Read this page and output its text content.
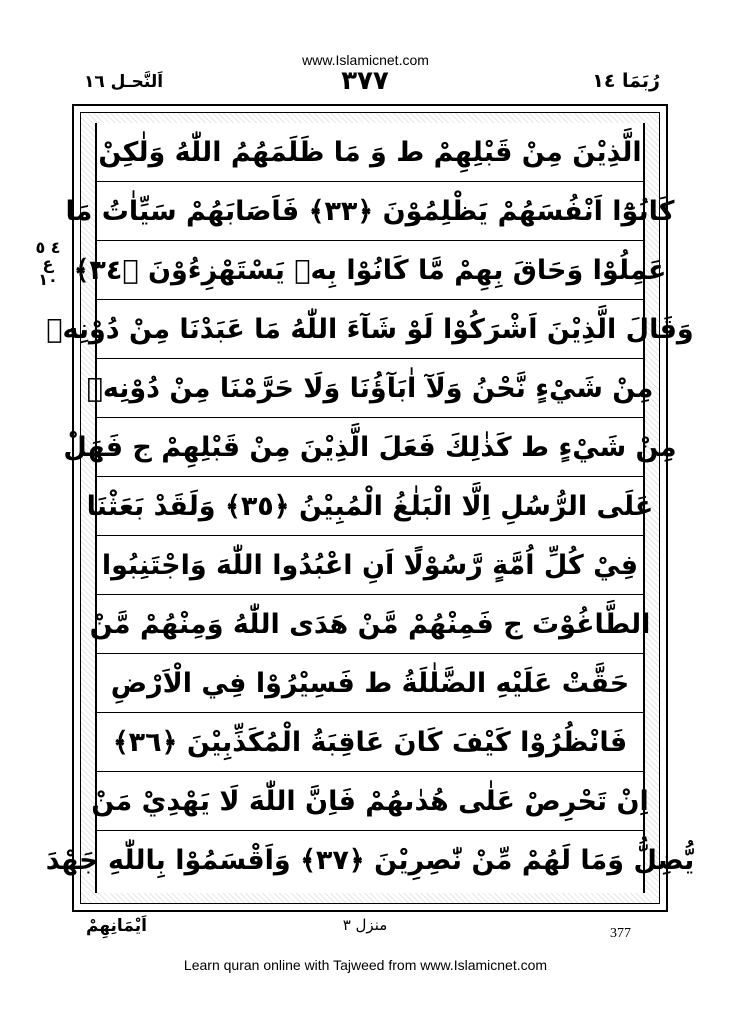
www.Islamicnet.com
اَلنَّحـل ١٦	٣٧٧	رُبَمَا ١٤
٤ ٥ ع ١٠
الَّذِيْنَ مِنْ قَبْلِهِمْ ط وَ مَا ظَلَمَهُمُ اللّٰهُ وَلٰكِنْ
كَانُوْٓا اَنْفُسَهُمْ يَظْلِمُوْنَ ﴿٣٣﴾ فَاَصَابَهُمْ سَيِّاٰتُ مَا
عَمِلُوْا وَحَاقَ بِهِمْ مَّا كَانُوْا بِهٖ يَسْتَهْزِءُوْنَ ﴿٣٤﴾
وَقَالَ الَّذِيْنَ اَشْرَكُوْا لَوْ شَآءَ اللّٰهُ مَا عَبَدْنَا مِنْ دُوْنِهٖ
مِنْ شَيْءٍ نَّحْنُ وَلَآ اٰبَآؤُنَا وَلَا حَرَّمْنَا مِنْ دُوْنِهٖ
مِنْ شَيْءٍ ط كَذٰلِكَ فَعَلَ الَّذِيْنَ مِنْ قَبْلِهِمْ ج فَهَلْ
عَلَى الرُّسُلِ اِلَّا الْبَلٰغُ الْمُبِيْنُ ﴿٣٥﴾ وَلَقَدْ بَعَثْنَا
فِيْ كُلِّ اُمَّةٍ رَّسُوْلًا اَنِ اعْبُدُوا اللّٰهَ وَاجْتَنِبُوا
الطَّاغُوْتَ ج فَمِنْهُمْ مَّنْ هَدَى اللّٰهُ وَمِنْهُمْ مَّنْ
حَقَّتْ عَلَيْهِ الضَّلٰلَةُ ط فَسِيْرُوْا فِي الْاَرْضِ
فَانْظُرُوْا كَيْفَ كَانَ عَاقِبَةُ الْمُكَذِّبِيْنَ ﴿٣٦﴾
اِنْ تَحْرِصْ عَلٰى هُدٰىهُمْ فَاِنَّ اللّٰهَ لَا يَهْدِيْ مَنْ
يُّضِلُّ وَمَا لَهُمْ مِّنْ نّٰصِرِيْنَ ﴿٣٧﴾ وَاَقْسَمُوْا بِاللّٰهِ جَهْدَ
اَيْمَانِهِمْ	منزل ٣	377
Learn quran online with Tajweed from www.Islamicnet.com
